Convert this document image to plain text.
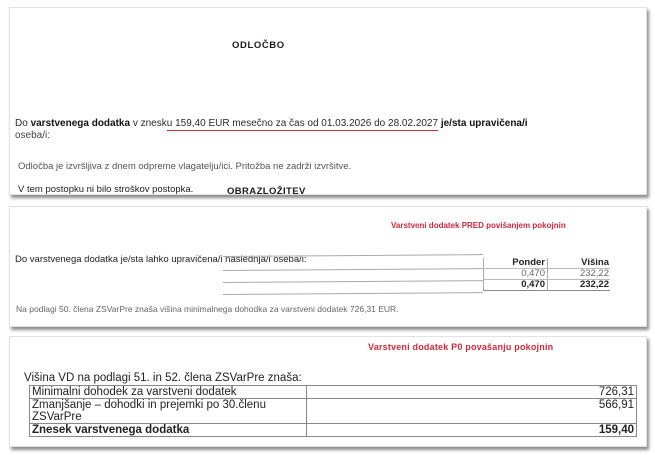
ODLOČBO
Do varstvenega dodatka v znesku 159,40 EUR mesečno za čas od 01.03.2026 do 28.02.2027 je/sta upravičena/i
oseba/i:
Odločba je izvršljiva z dnem odpreme vlagatelju/ici. Pritožba ne zadrži izvršitve.
V tem postopku ni bilo stroškov postopka.	OBRAZLOŽITEV
Varstveni dodatek PRED povišanjem pokojnin
Do varstvenega dodatka je/sta lahko upravičena/i naslednja/i oseba/i:	Ponder	Višina
0,470	232,22
0,470	232,22
Na podlagi 50. člena ZSVarPre znaša višina minimalnega dohodka za varstveni dodatek 726,31 EUR.
Varstveni dodatek P0 povašanju pokojnin
Višina VD na podlagi 51. in 52. člena ZSVarPre znaša:
Minimalni dohodek za varstveni dodatek	726,31
Zmanjšanje – dohodki in prejemki po 30.členu ZSVarPre	566,91
Znesek varstvenega dodatka	159,40
